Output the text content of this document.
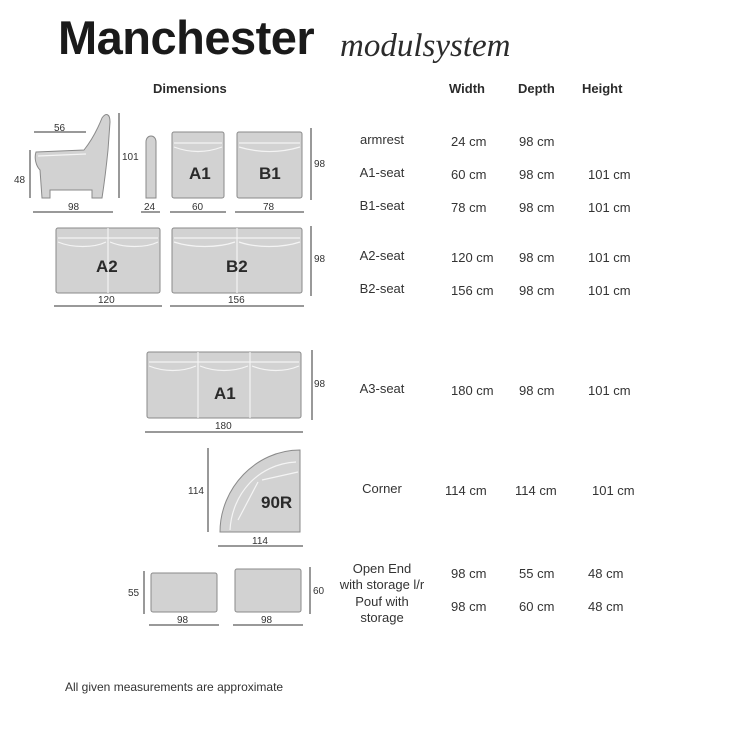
Manchester modulsystem
Dimensions	Width	Depth Height
armrest	24 cm	98 cm
A1-seat	60 cm	98 cm	101 cm
B1-seat	78 cm	98 cm	101 cm
A2-seat	120 cm 98 cm	101 cm
B2-seat	156 cm 98 cm	101 cm
A3-seat	180 cm 98 cm	101 cm
Corner	114 cm 114 cm	101 cm
Open End
with storage l/r
98 cm	55 cm	48 cm
Pouf with
storage
98 cm	60 cm	48 cm
56
48
101
98	24
A1
60
B1
78
98
A2
120
B2
156
98
A1
180
98
90R
114
114
55
98
60
98
All given measurements are approximate
